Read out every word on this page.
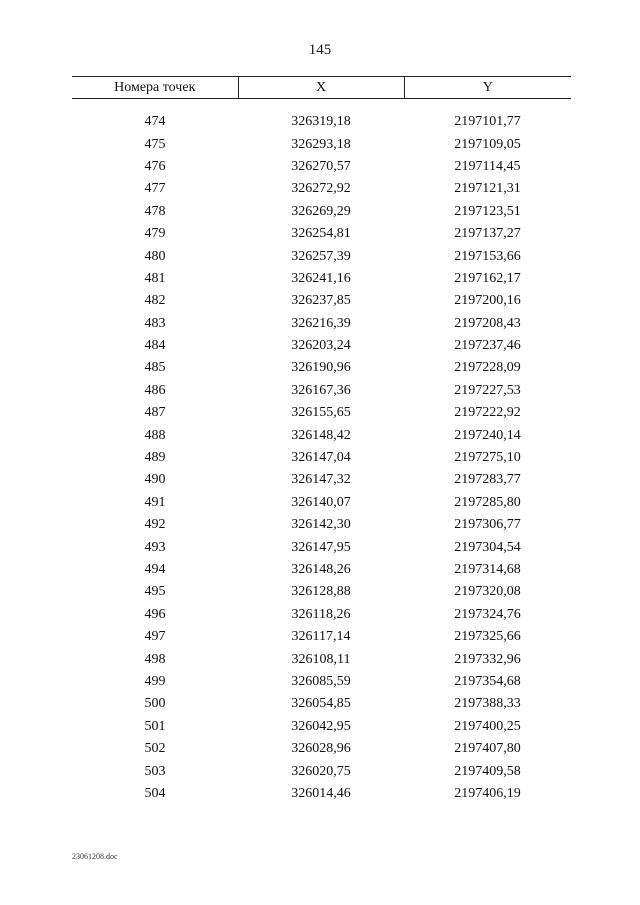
145
Номера точек	X	Y

474	326319,18	2197101,77
475	326293,18	2197109,05
476	326270,57	2197114,45
477	326272,92	2197121,31
478	326269,29	2197123,51
479	326254,81	2197137,27
480	326257,39	2197153,66
481	326241,16	2197162,17
482	326237,85	2197200,16
483	326216,39	2197208,43
484	326203,24	2197237,46
485	326190,96	2197228,09
486	326167,36	2197227,53
487	326155,65	2197222,92
488	326148,42	2197240,14
489	326147,04	2197275,10
490	326147,32	2197283,77
491	326140,07	2197285,80
492	326142,30	2197306,77
493	326147,95	2197304,54
494	326148,26	2197314,68
495	326128,88	2197320,08
496	326118,26	2197324,76
497	326117,14	2197325,66
498	326108,11	2197332,96
499	326085,59	2197354,68
500	326054,85	2197388,33
501	326042,95	2197400,25
502	326028,96	2197407,80
503	326020,75	2197409,58
504	326014,46	2197406,19
23061208.doc
